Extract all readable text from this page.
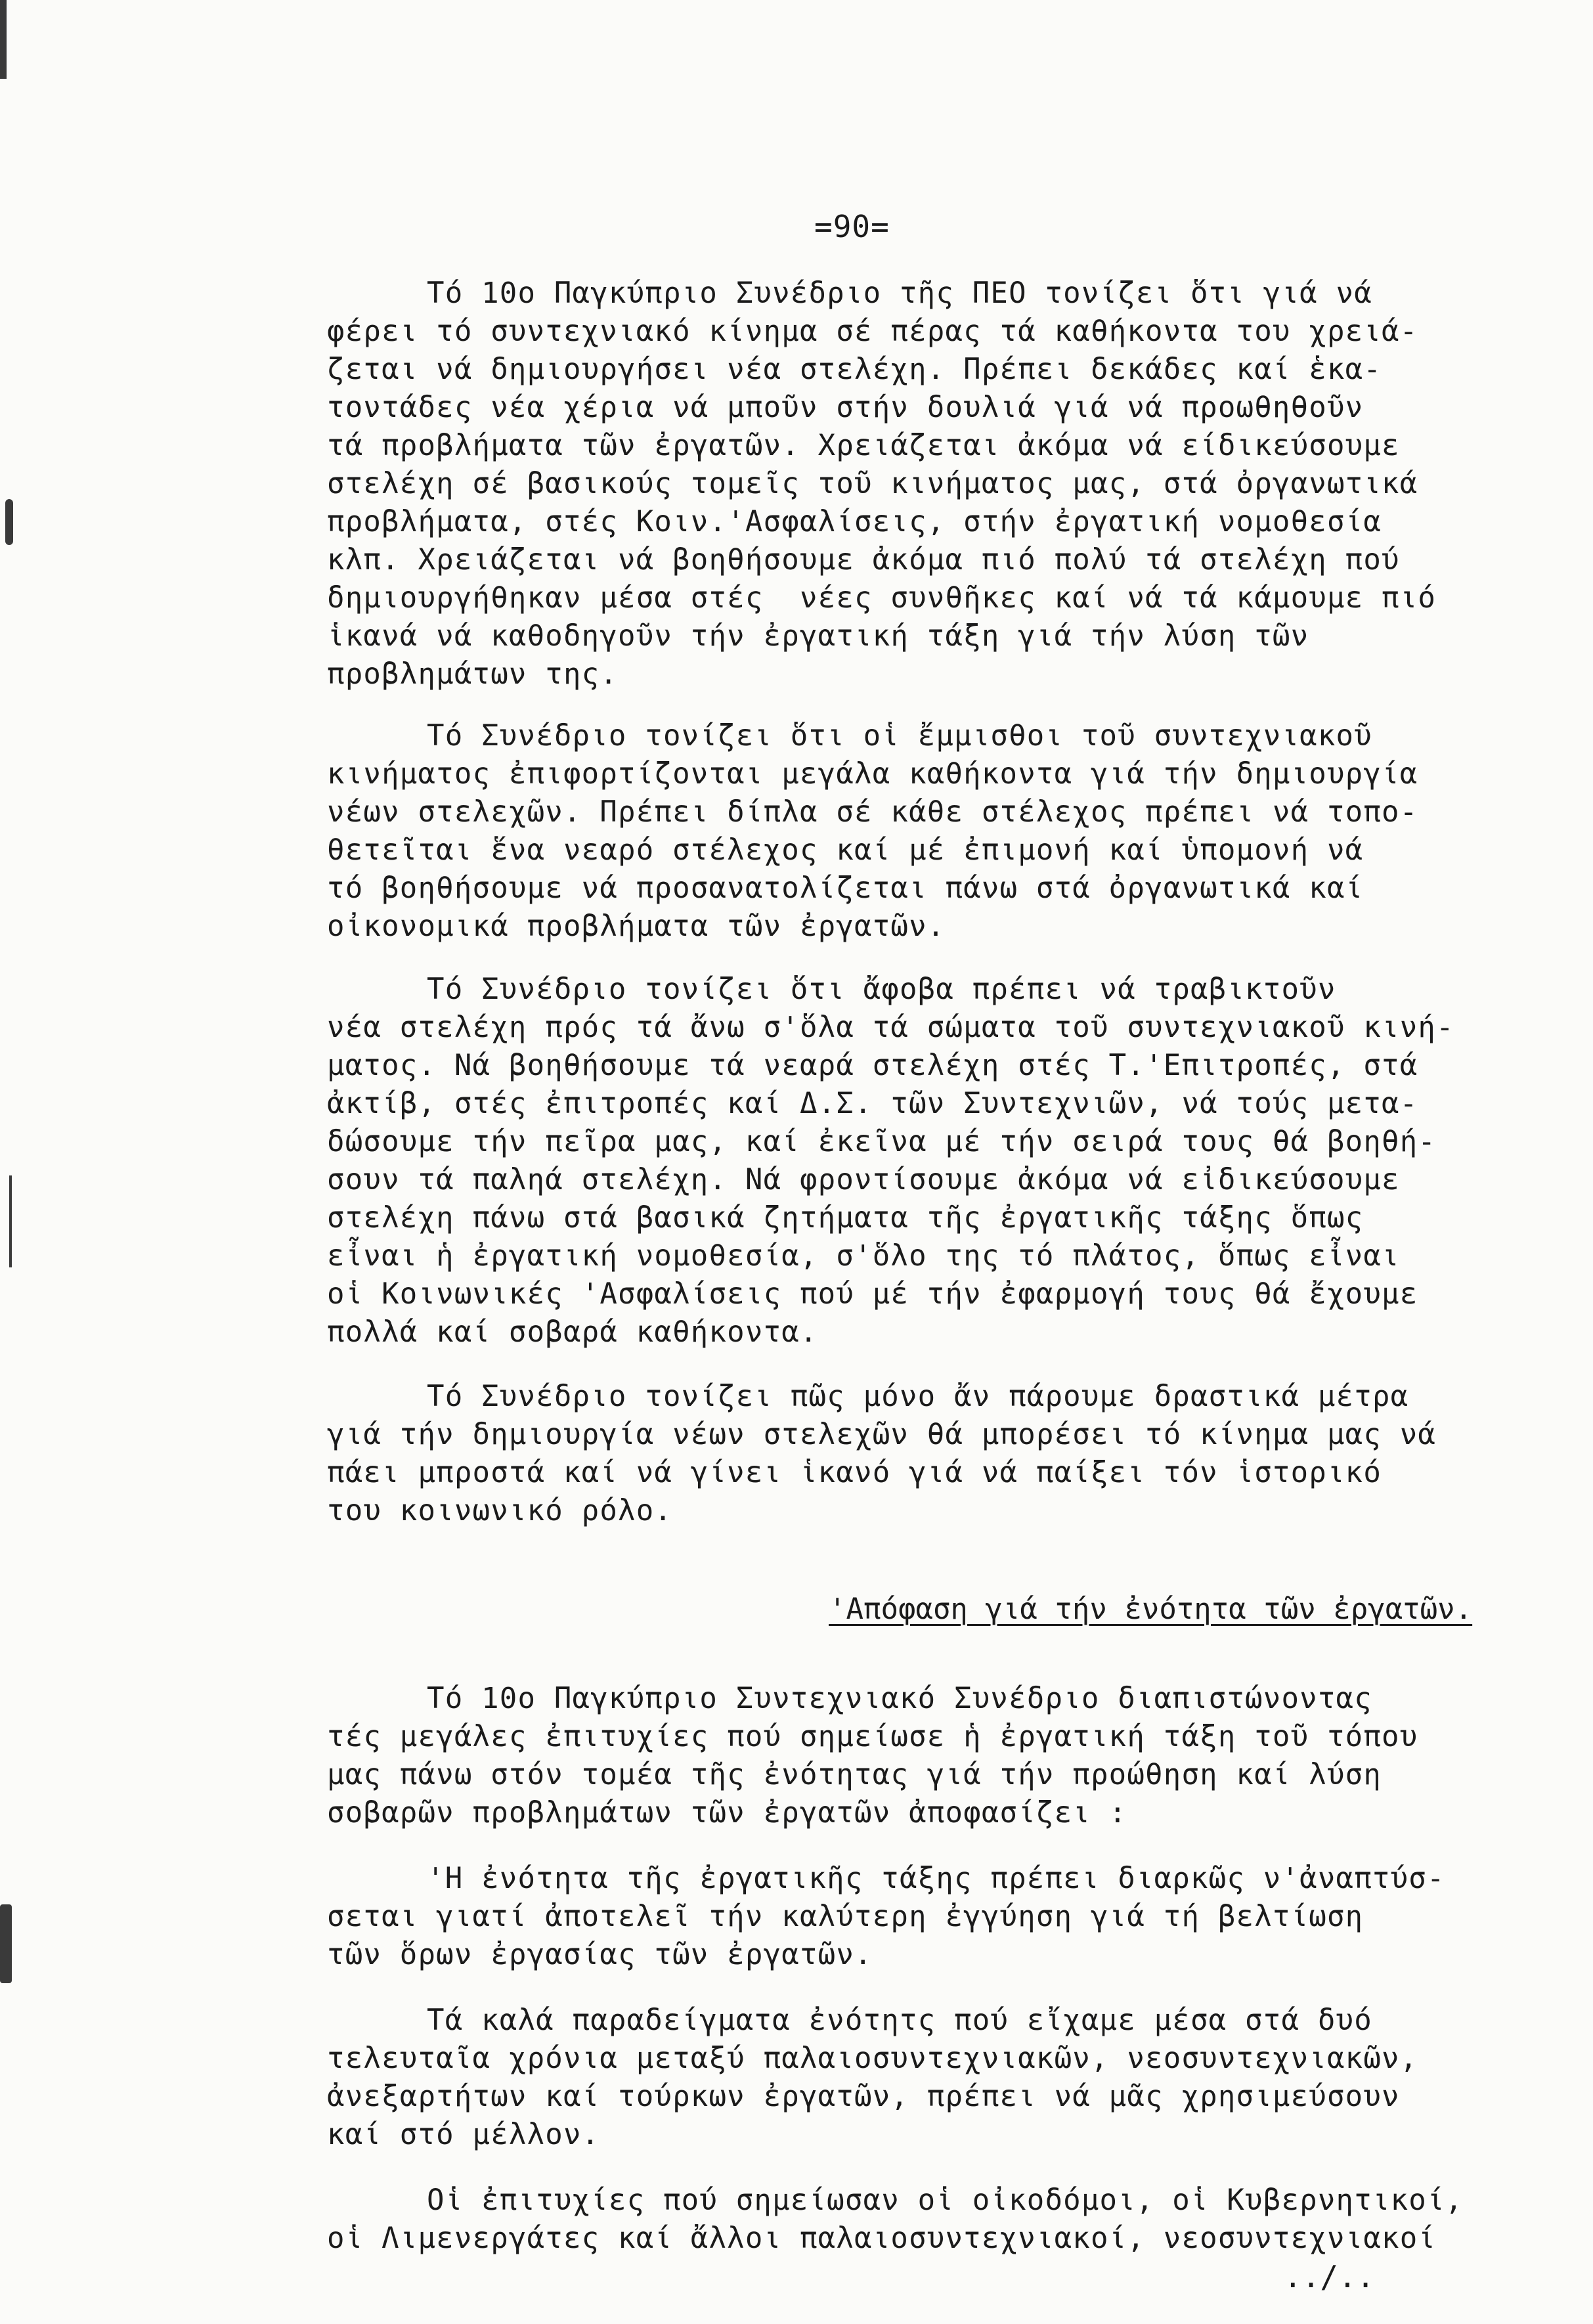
=90=
Τό 10ο Παγκύπριο Συνέδριο τῆς ΠΕΟ τονίζει ὅτι γιά νά
φέρει τό συντεχνιακό κίνημα σέ πέρας τά καθήκοντα του χρειά-
ζεται νά δημιουργήσει νέα στελέχη. Πρέπει δεκάδες καί ἑκα-
τοντάδες νέα χέρια νά μποῦν στήν δουλιά γιά νά προωθηθοῦν
τά προβλήματα τῶν ἐργατῶν. Χρειάζεται ἀκόμα νά είδικεύσουμε
στελέχη σέ βασικούς τομεῖς τοῦ κινήματος μας, στά ὀργανωτικά
προβλήματα, στές Κοιν.'Ασφαλίσεις, στήν ἐργατική νομοθεσία
κλπ. Χρειάζεται νά βοηθήσουμε ἀκόμα πιό πολύ τά στελέχη πού
δημιουργήθηκαν μέσα στές  νέες συνθῆκες καί νά τά κάμουμε πιό
ἱκανά νά καθοδηγοῦν τήν ἐργατική τάξη γιά τήν λύση τῶν
προβλημάτων της.
Τό Συνέδριο τονίζει ὅτι οἱ ἔμμισθοι τοῦ συντεχνιακοῦ
κινήματος ἐπιφορτίζονται μεγάλα καθήκοντα γιά τήν δημιουργία
νέων στελεχῶν. Πρέπει δίπλα σέ κάθε στέλεχος πρέπει νά τοπο-
θετεῖται ἕνα νεαρό στέλεχος καί μέ ἐπιμονή καί ὑπομονή νά
τό βοηθήσουμε νά προσανατολίζεται πάνω στά ὀργανωτικά καί
οἰκονομικά προβλήματα τῶν ἐργατῶν.
Τό Συνέδριο τονίζει ὅτι ἄφοβα πρέπει νά τραβικτοῦν
νέα στελέχη πρός τά ἄνω σ'ὅλα τά σώματα τοῦ συντεχνιακοῦ κινή-
ματος. Νά βοηθήσουμε τά νεαρά στελέχη στές Τ.'Επιτροπές, στά
ἀκτίβ, στές ἐπιτροπές καί Δ.Σ. τῶν Συντεχνιῶν, νά τούς μετα-
δώσουμε τήν πεῖρα μας, καί ἐκεῖνα μέ τήν σειρά τους θά βοηθή-
σουν τά παληά στελέχη. Νά φροντίσουμε ἀκόμα νά εἰδικεύσουμε
στελέχη πάνω στά βασικά ζητήματα τῆς ἐργατικῆς τάξης ὅπως
εἶναι ἡ ἐργατική νομοθεσία, σ'ὅλο της τό πλάτος, ὅπως εἶναι
οἱ Κοινωνικές 'Ασφαλίσεις πού μέ τήν ἐφαρμογή τους θά ἔχουμε
πολλά καί σοβαρά καθήκοντα.
Τό Συνέδριο τονίζει πῶς μόνο ἄν πάρουμε δραστικά μέτρα
γιά τήν δημιουργία νέων στελεχῶν θά μπορέσει τό κίνημα μας νά
πάει μπροστά καί νά γίνει ἱκανό γιά νά παίξει τόν ἱστορικό
του κοινωνικό ρόλο.
'Απόφαση γιά τήν ἐνότητα τῶν ἐργατῶν.
Τό 10ο Παγκύπριο Συντεχνιακό Συνέδριο διαπιστώνοντας
τές μεγάλες ἐπιτυχίες πού σημείωσε ἡ ἐργατική τάξη τοῦ τόπου
μας πάνω στόν τομέα τῆς ἐνότητας γιά τήν προώθηση καί λύση
σοβαρῶν προβλημάτων τῶν ἐργατῶν ἀποφασίζει :
'Η ἐνότητα τῆς ἐργατικῆς τάξης πρέπει διαρκῶς ν'ἀναπτύσ-
σεται γιατί ἀποτελεῖ τήν καλύτερη ἐγγύηση γιά τή βελτίωση
τῶν ὅρων ἐργασίας τῶν ἐργατῶν.
Τά καλά παραδείγματα ἐνότητς πού εἴχαμε μέσα στά δυό
τελευταῖα χρόνια μεταξύ παλαιοσυντεχνιακῶν, νεοσυντεχνιακῶν,
ἀνεξαρτήτων καί τούρκων ἐργατῶν, πρέπει νά μᾶς χρησιμεύσουν
καί στό μέλλον.
Οἱ ἐπιτυχίες πού σημείωσαν οἱ οἰκοδόμοι, οἱ Κυβερνητικοί,
οἱ Λιμενεργάτες καί ἄλλοι παλαιοσυντεχνιακοί, νεοσυντεχνιακοί
../..
